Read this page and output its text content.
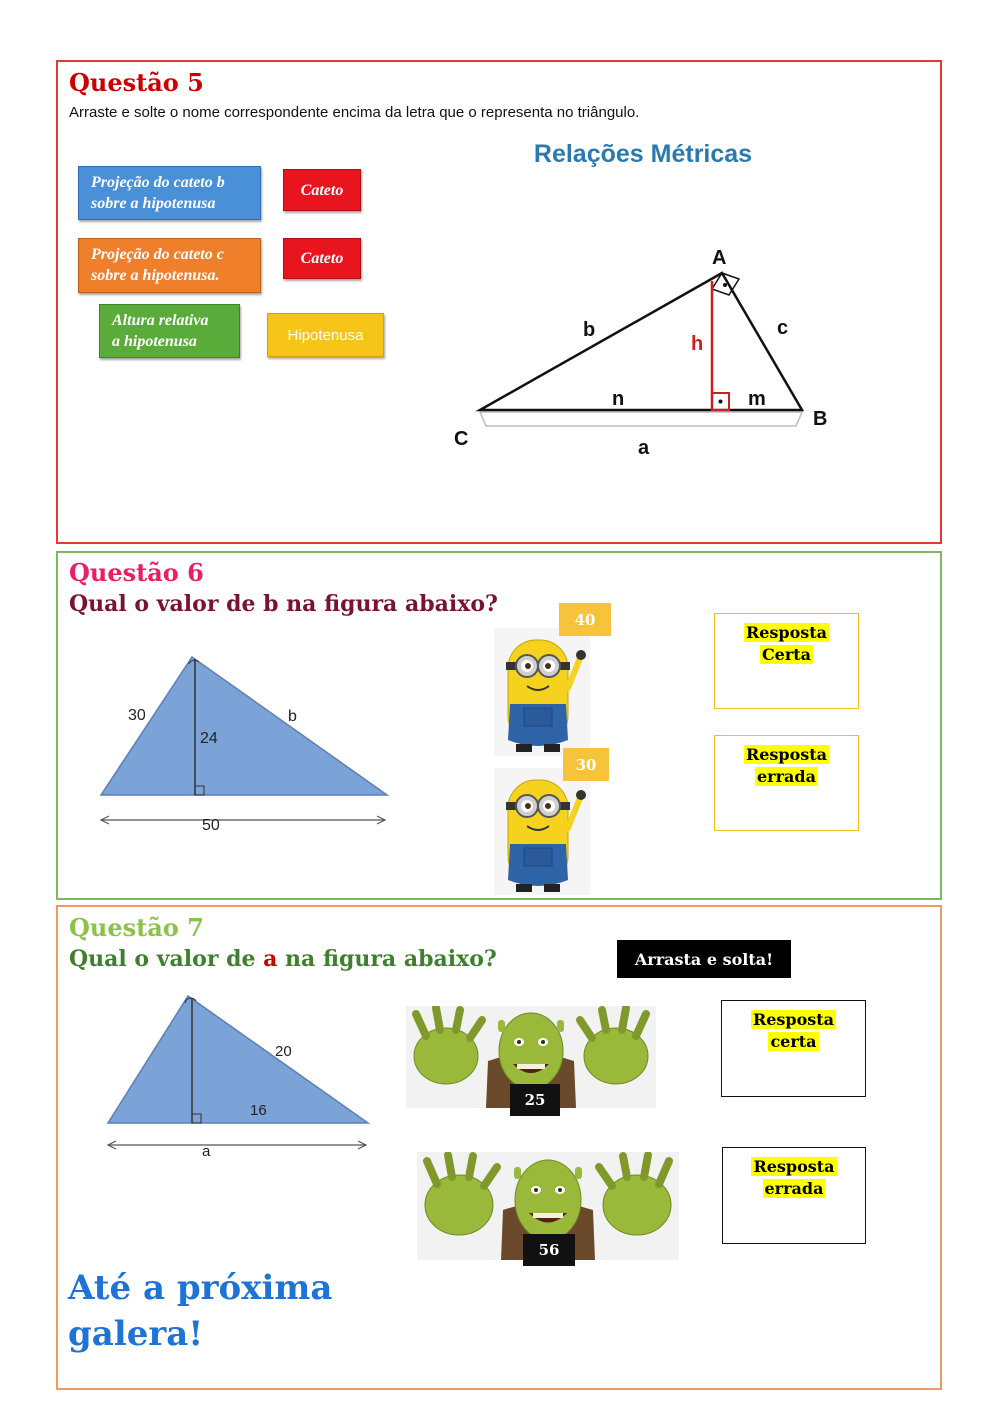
Questão 5
Arraste e solte o nome correspondente encima da letra que o representa no triângulo.
Projeção do cateto b
sobre a hipotenusa
Cateto
Projeção do cateto c
sobre a hipotenusa.
Cateto
Altura relativa
a hipotenusa	Hipotenusa
Relações Métricas
A
B
C	a
b	c
h
n	m
Questão 6
Qual o valor de b na figura abaixo?
30
24
b
50
40
30
Resposta
Certa
Resposta
errada
Questão 7
Qual o valor de a na figura abaixo?	Arrasta e solta!
20
16
a
25
56
Resposta
certa
Resposta
errada
Até a próxima
galera!
